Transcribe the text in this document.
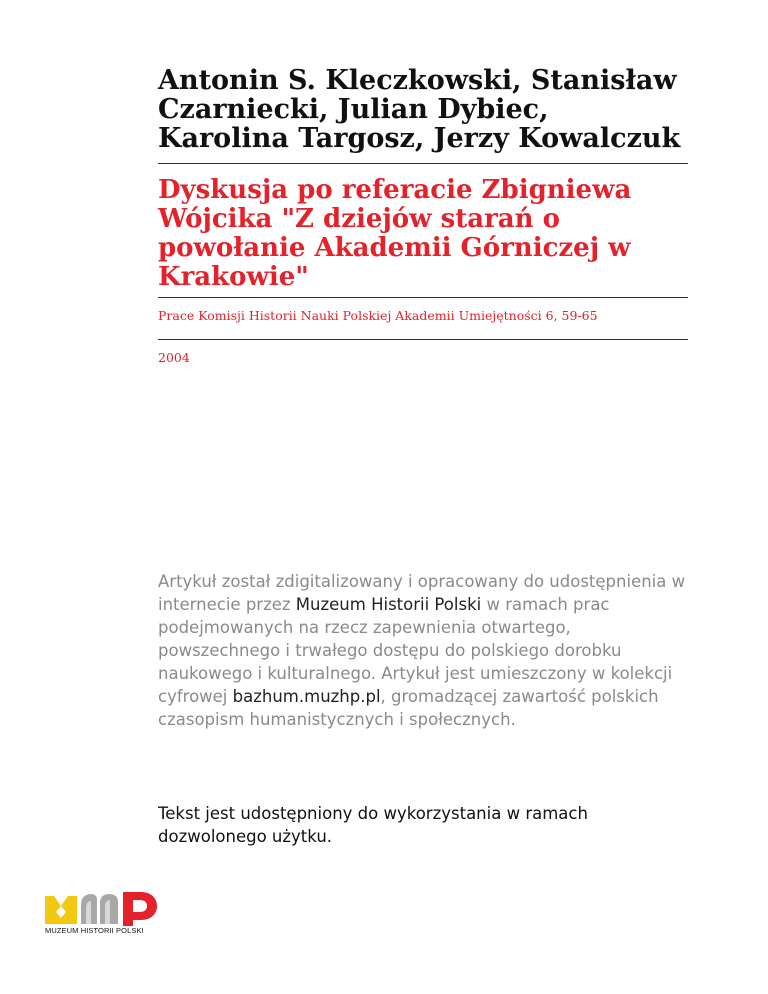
Antonin S. Kleczkowski, Stanisław Czarniecki, Julian Dybiec, Karolina Targosz, Jerzy Kowalczuk
Dyskusja po referacie Zbigniewa Wójcika "Z dziejów starań o powołanie Akademii Górniczej w Krakowie"
Prace Komisji Historii Nauki Polskiej Akademii Umiejętności 6, 59-65
2004

Artykuł został zdigitalizowany i opracowany do udostępnienia w internecie przez Muzeum Historii Polski w ramach prac podejmowanych na rzecz zapewnienia otwartego, powszechnego i trwałego dostępu do polskiego dorobku naukowego i kulturalnego. Artykuł jest umieszczony w kolekcji cyfrowej bazhum.muzhp.pl, gromadzącej zawartość polskich czasopism humanistycznych i społecznych.

Tekst jest udostępniony do wykorzystania w ramach dozwolonego użytku.

MUZEUM HISTORII POLSKI
